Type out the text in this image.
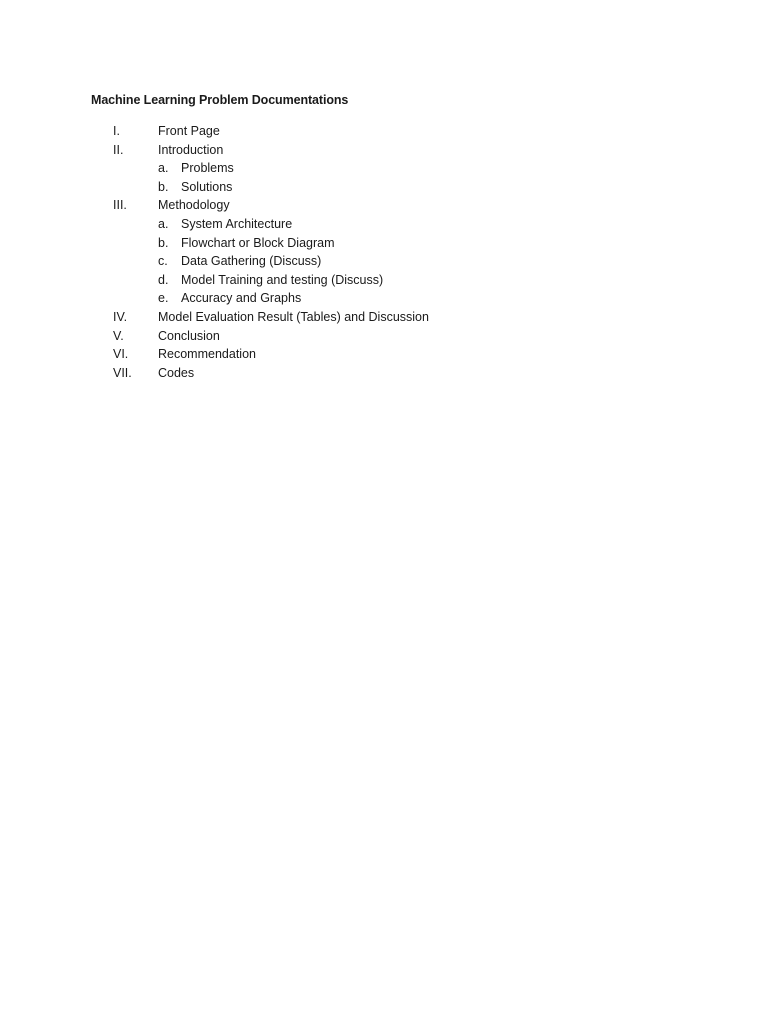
Machine Learning Problem Documentations
I.	Front Page
II.	Introduction
a. Problems
b. Solutions
III. Methodology
a. System Architecture
b. Flowchart or Block Diagram
c. Data Gathering (Discuss)
d. Model Training and testing (Discuss)
e. Accuracy and Graphs
IV. Model Evaluation Result (Tables) and Discussion
V.	Conclusion
VI. Recommendation
VII. Codes
